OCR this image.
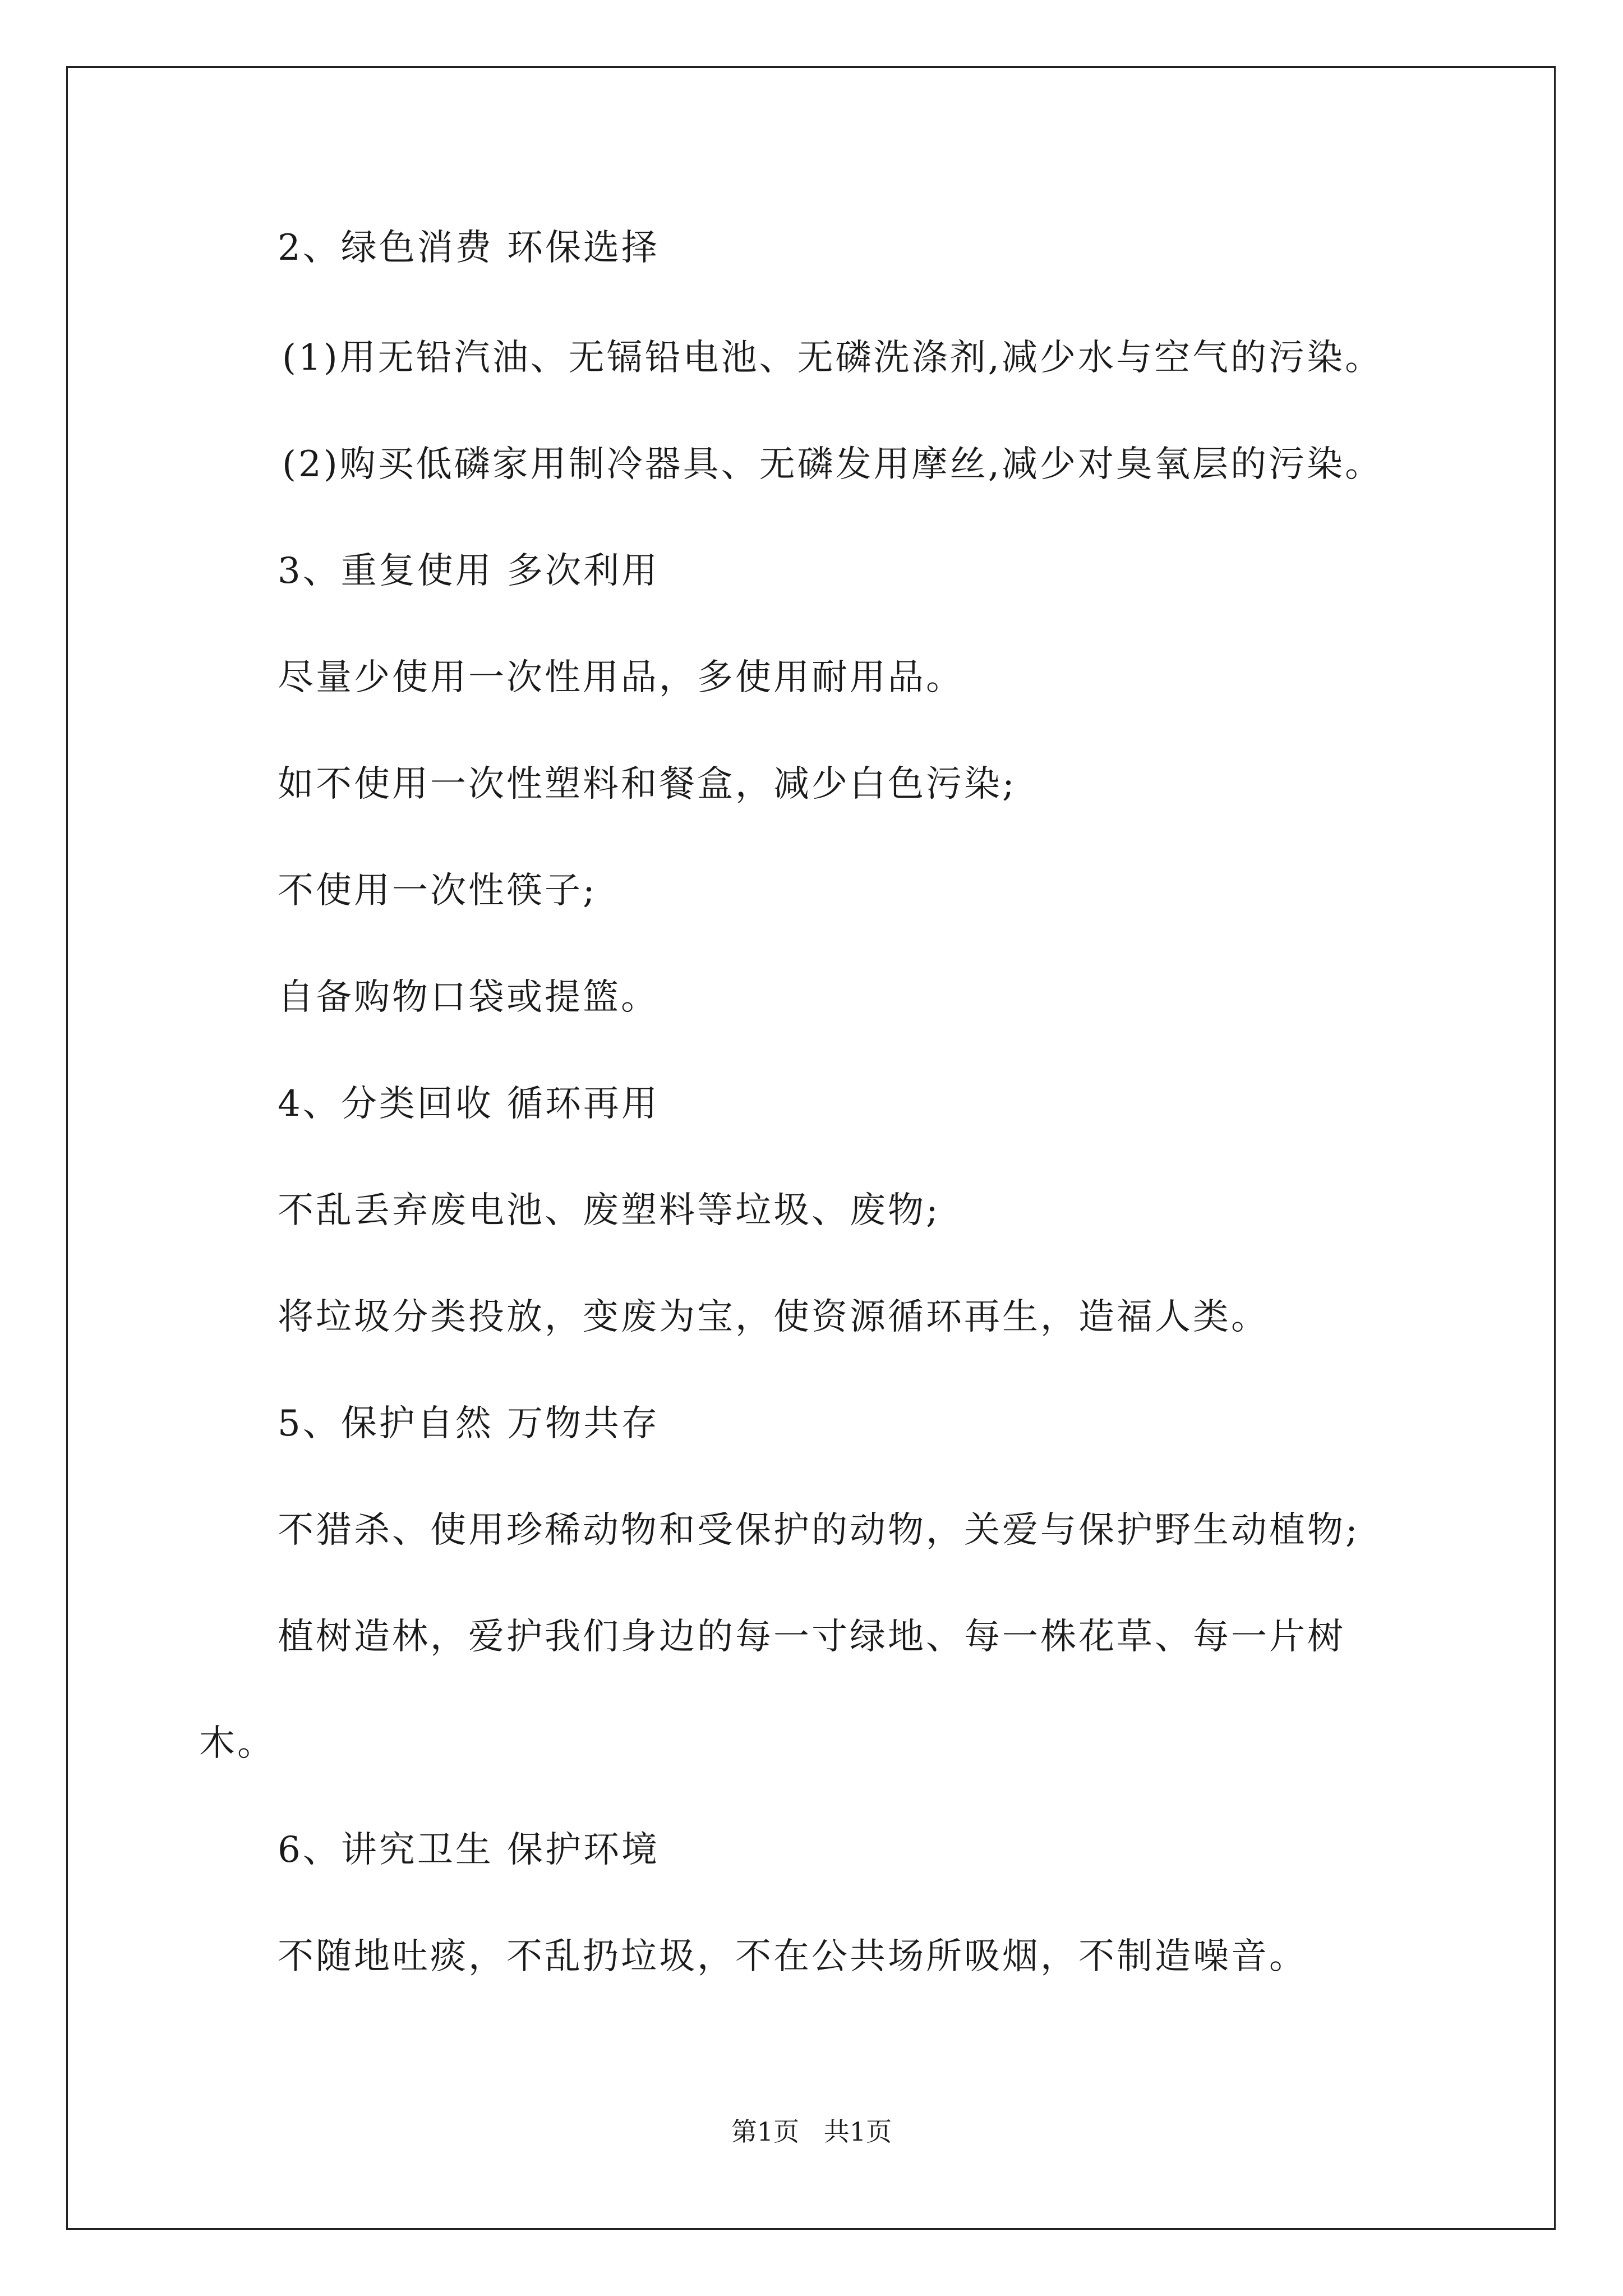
2、绿色消费 环保选择
(1)用无铅汽油、无镉铅电池、无磷洗涤剂,减少水与空气的污染。
(2)购买低磷家用制冷器具、无磷发用摩丝,减少对臭氧层的污染。
3、重复使用 多次利用
尽量少使用一次性用品，多使用耐用品。
如不使用一次性塑料和餐盒，减少白色污染;
不使用一次性筷子;
自备购物口袋或提篮。
4、分类回收 循环再用
不乱丢弃废电池、废塑料等垃圾、废物;
将垃圾分类投放，变废为宝，使资源循环再生，造福人类。
5、保护自然 万物共存
不猎杀、使用珍稀动物和受保护的动物，关爱与保护野生动植物;
植树造林，爱护我们身边的每一寸绿地、每一株花草、每一片树
木。
6、讲究卫生 保护环境
不随地吐痰，不乱扔垃圾，不在公共场所吸烟，不制造噪音。
第1页   共1页
